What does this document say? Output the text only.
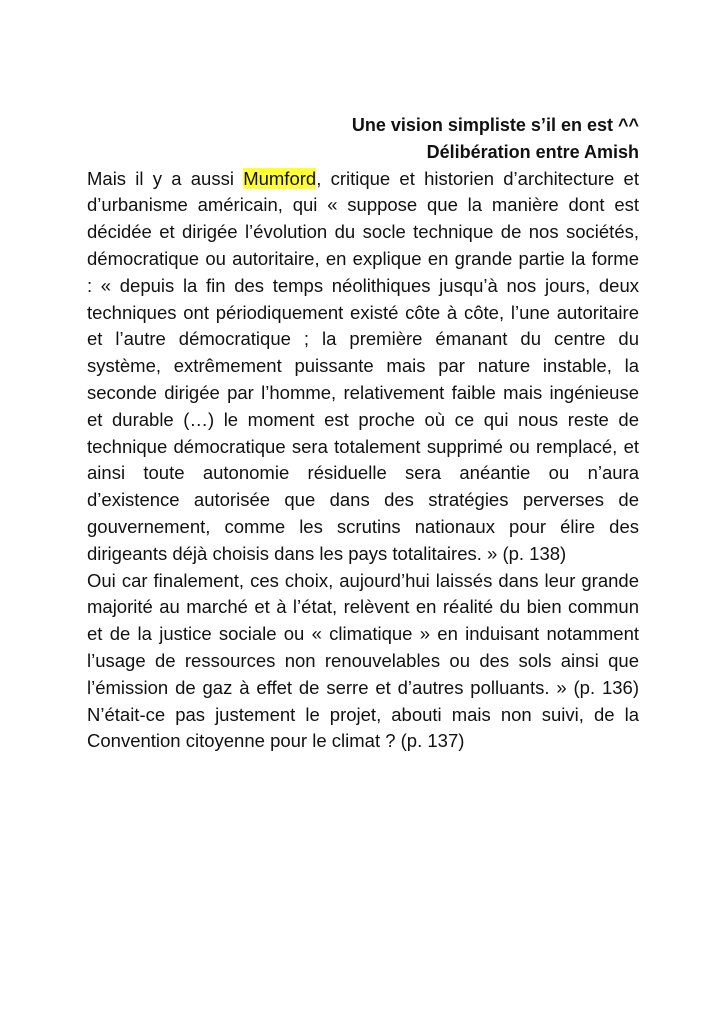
Une vision simpliste s’il en est ^^

Délibération entre Amish

Mais il y a aussi Mumford, critique et historien d’architecture et d’urbanisme américain, qui « suppose que la manière dont est décidée et dirigée l’évolution du socle technique de nos sociétés, démocratique ou autoritaire, en explique en grande partie la forme : « depuis la fin des temps néolithiques jusqu’à nos jours, deux techniques ont périodiquement existé côte à côte, l’une autoritaire et l’autre démocratique ; la première émanant du centre du système, extrêmement puissante mais par nature instable, la seconde dirigée par l’homme, relativement faible mais ingénieuse et durable (…) le moment est proche où ce qui nous reste de technique démocratique sera totalement supprimé ou remplacé, et ainsi toute autonomie résiduelle sera anéantie ou n’aura d’existence autorisée que dans des stratégies perverses de gouvernement, comme les scrutins nationaux pour élire des dirigeants déjà choisis dans les pays totalitaires. » (p. 138)

Oui car finalement, ces choix, aujourd’hui laissés dans leur grande majorité au marché et à l’état, relèvent en réalité du bien commun et de la justice sociale ou « climatique » en induisant notamment l’usage de ressources non renouvelables ou des sols ainsi que l’émission de gaz à effet de serre et d’autres polluants. » (p. 136) N’était-ce pas justement le projet, abouti mais non suivi, de la Convention citoyenne pour le climat ? (p. 137)
